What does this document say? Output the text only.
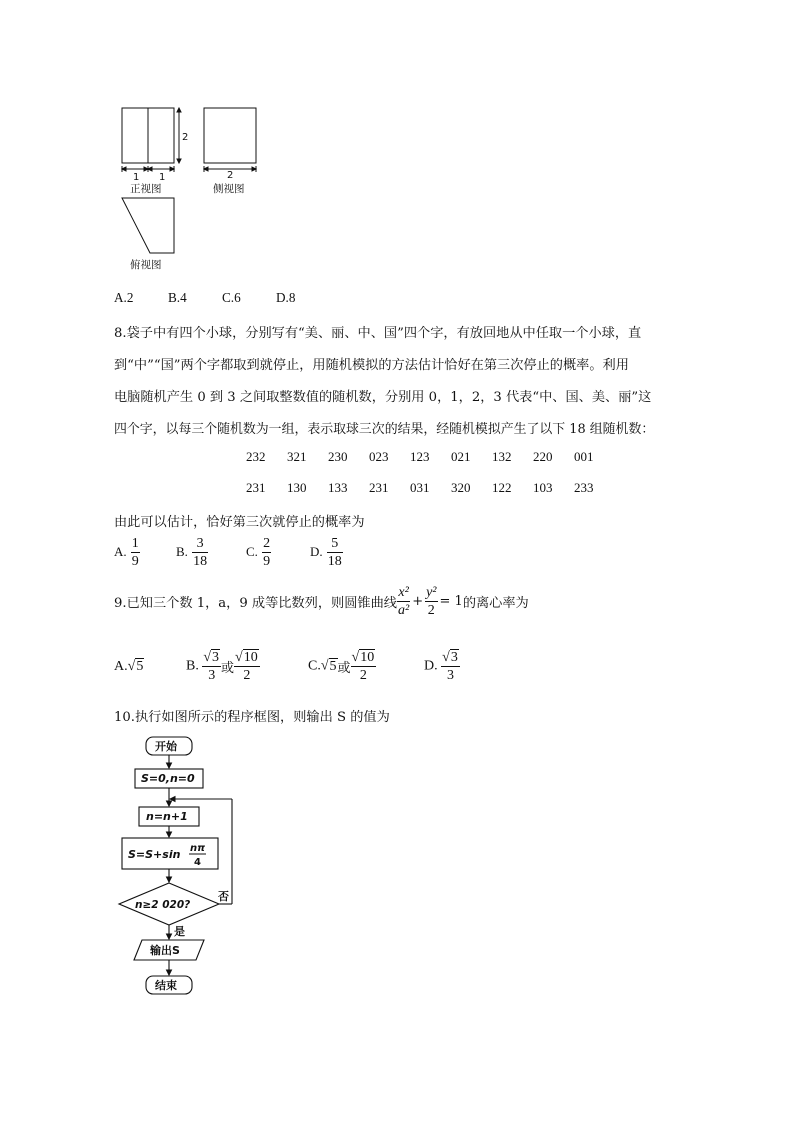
1 1
2
正视图
2
侧视图
俯视图
A.2	B.4	C.6	D.8
8.袋子中有四个小球，分别写有“美、丽、中、国”四个字，有放回地从中任取一个小球，直
到“中”“国”两个字都取到就停止，用随机模拟的方法估计恰好在第三次停止的概率。利用
电脑随机产生 0 到 3 之间取整数值的随机数，分别用 0，1，2，3 代表“中、国、美、丽”这
四个字，以每三个随机数为一组，表示取球三次的结果，经随机模拟产生了以下 18 组随机数：
232 321 230 023 123 021 132 220 001
231 130 133 231 031 320 122 103 233
由此可以估计，恰好第三次就停止的概率为
A. $\frac{1}{9}$	B. $\frac{3}{18}$	C. $\frac{2}{9}$	D. $\frac{5}{18}$
9.已知三个数 1，a，9 成等比数列，则圆锥曲线 $\frac{\text{x²}}{\text{a²}} + \frac{\text{y²}}{2} = 1$的离心率为
A.√5	B. $\frac{√3}{3}$ 或 $\frac{√10}{2}$	C.√5或 $\frac{√10}{2}$	D. $\frac{√3}{3}$
10.执行如图所示的程序框图，则输出 S 的值为
开始
S=0,n=0
n=n+1
S=S+sin nπ
4
n≥2 020?
否
是
输出S
结束
